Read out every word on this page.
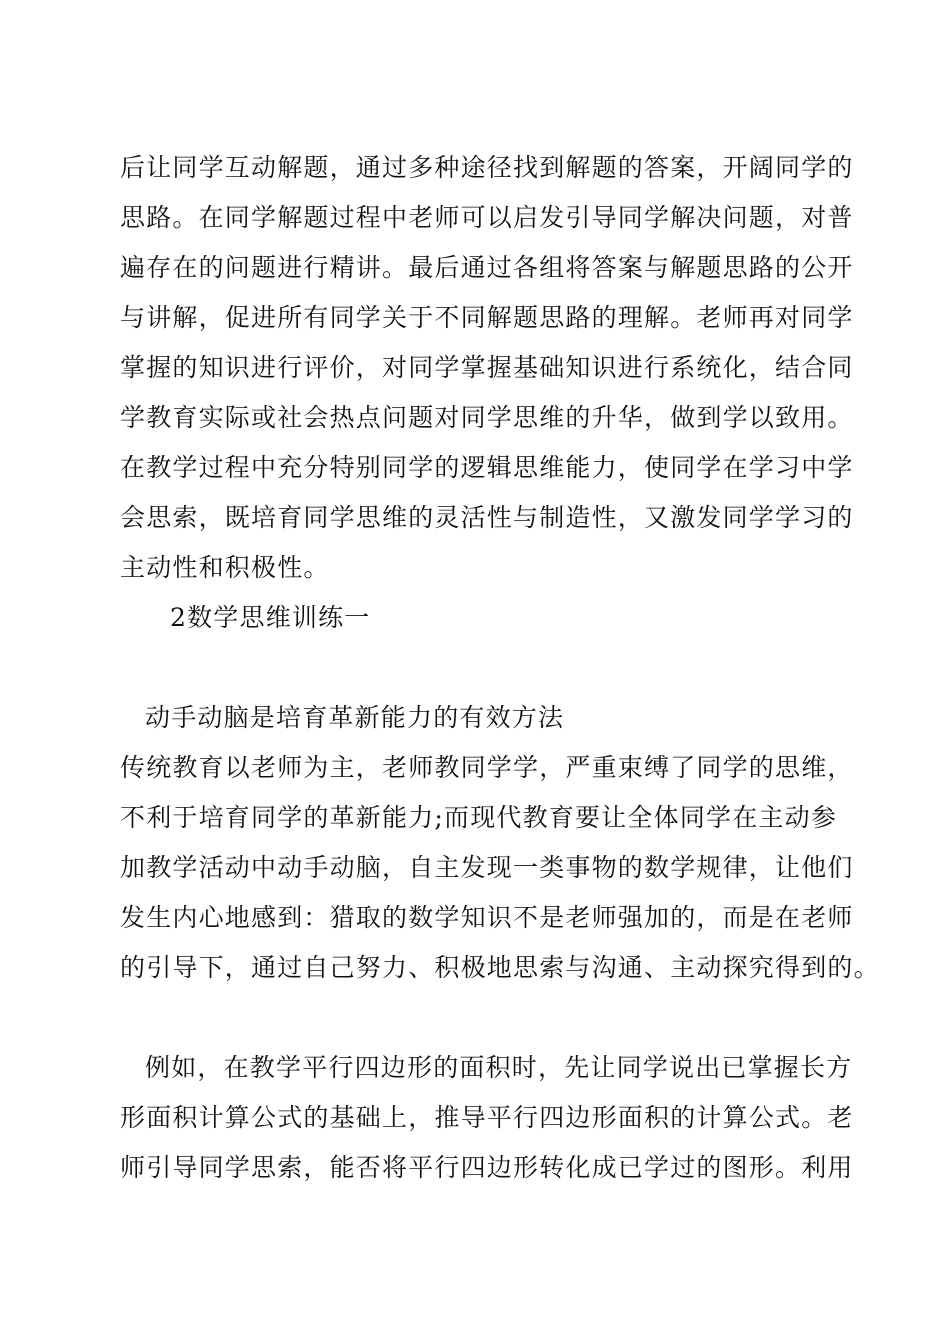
后让同学互动解题，通过多种途径找到解题的答案，开阔同学的
思路。在同学解题过程中老师可以启发引导同学解决问题，对普
遍存在的问题进行精讲。最后通过各组将答案与解题思路的公开
与讲解，促进所有同学关于不同解题思路的理解。老师再对同学
掌握的知识进行评价，对同学掌握基础知识进行系统化，结合同
学教育实际或社会热点问题对同学思维的升华，做到学以致用。
在教学过程中充分特别同学的逻辑思维能力，使同学在学习中学
会思索，既培育同学思维的灵活性与制造性，又激发同学学习的
主动性和积极性。
2数学思维训练一
动手动脑是培育革新能力的有效方法
传统教育以老师为主，老师教同学学，严重束缚了同学的思维，
不利于培育同学的革新能力;而现代教育要让全体同学在主动参
加教学活动中动手动脑，自主发现一类事物的数学规律，让他们
发生内心地感到：猎取的数学知识不是老师强加的，而是在老师
的引导下，通过自己努力、积极地思索与沟通、主动探究得到的。
例如，在教学平行四边形的面积时，先让同学说出已掌握长方
形面积计算公式的基础上，推导平行四边形面积的计算公式。老
师引导同学思索，能否将平行四边形转化成已学过的图形。利用
